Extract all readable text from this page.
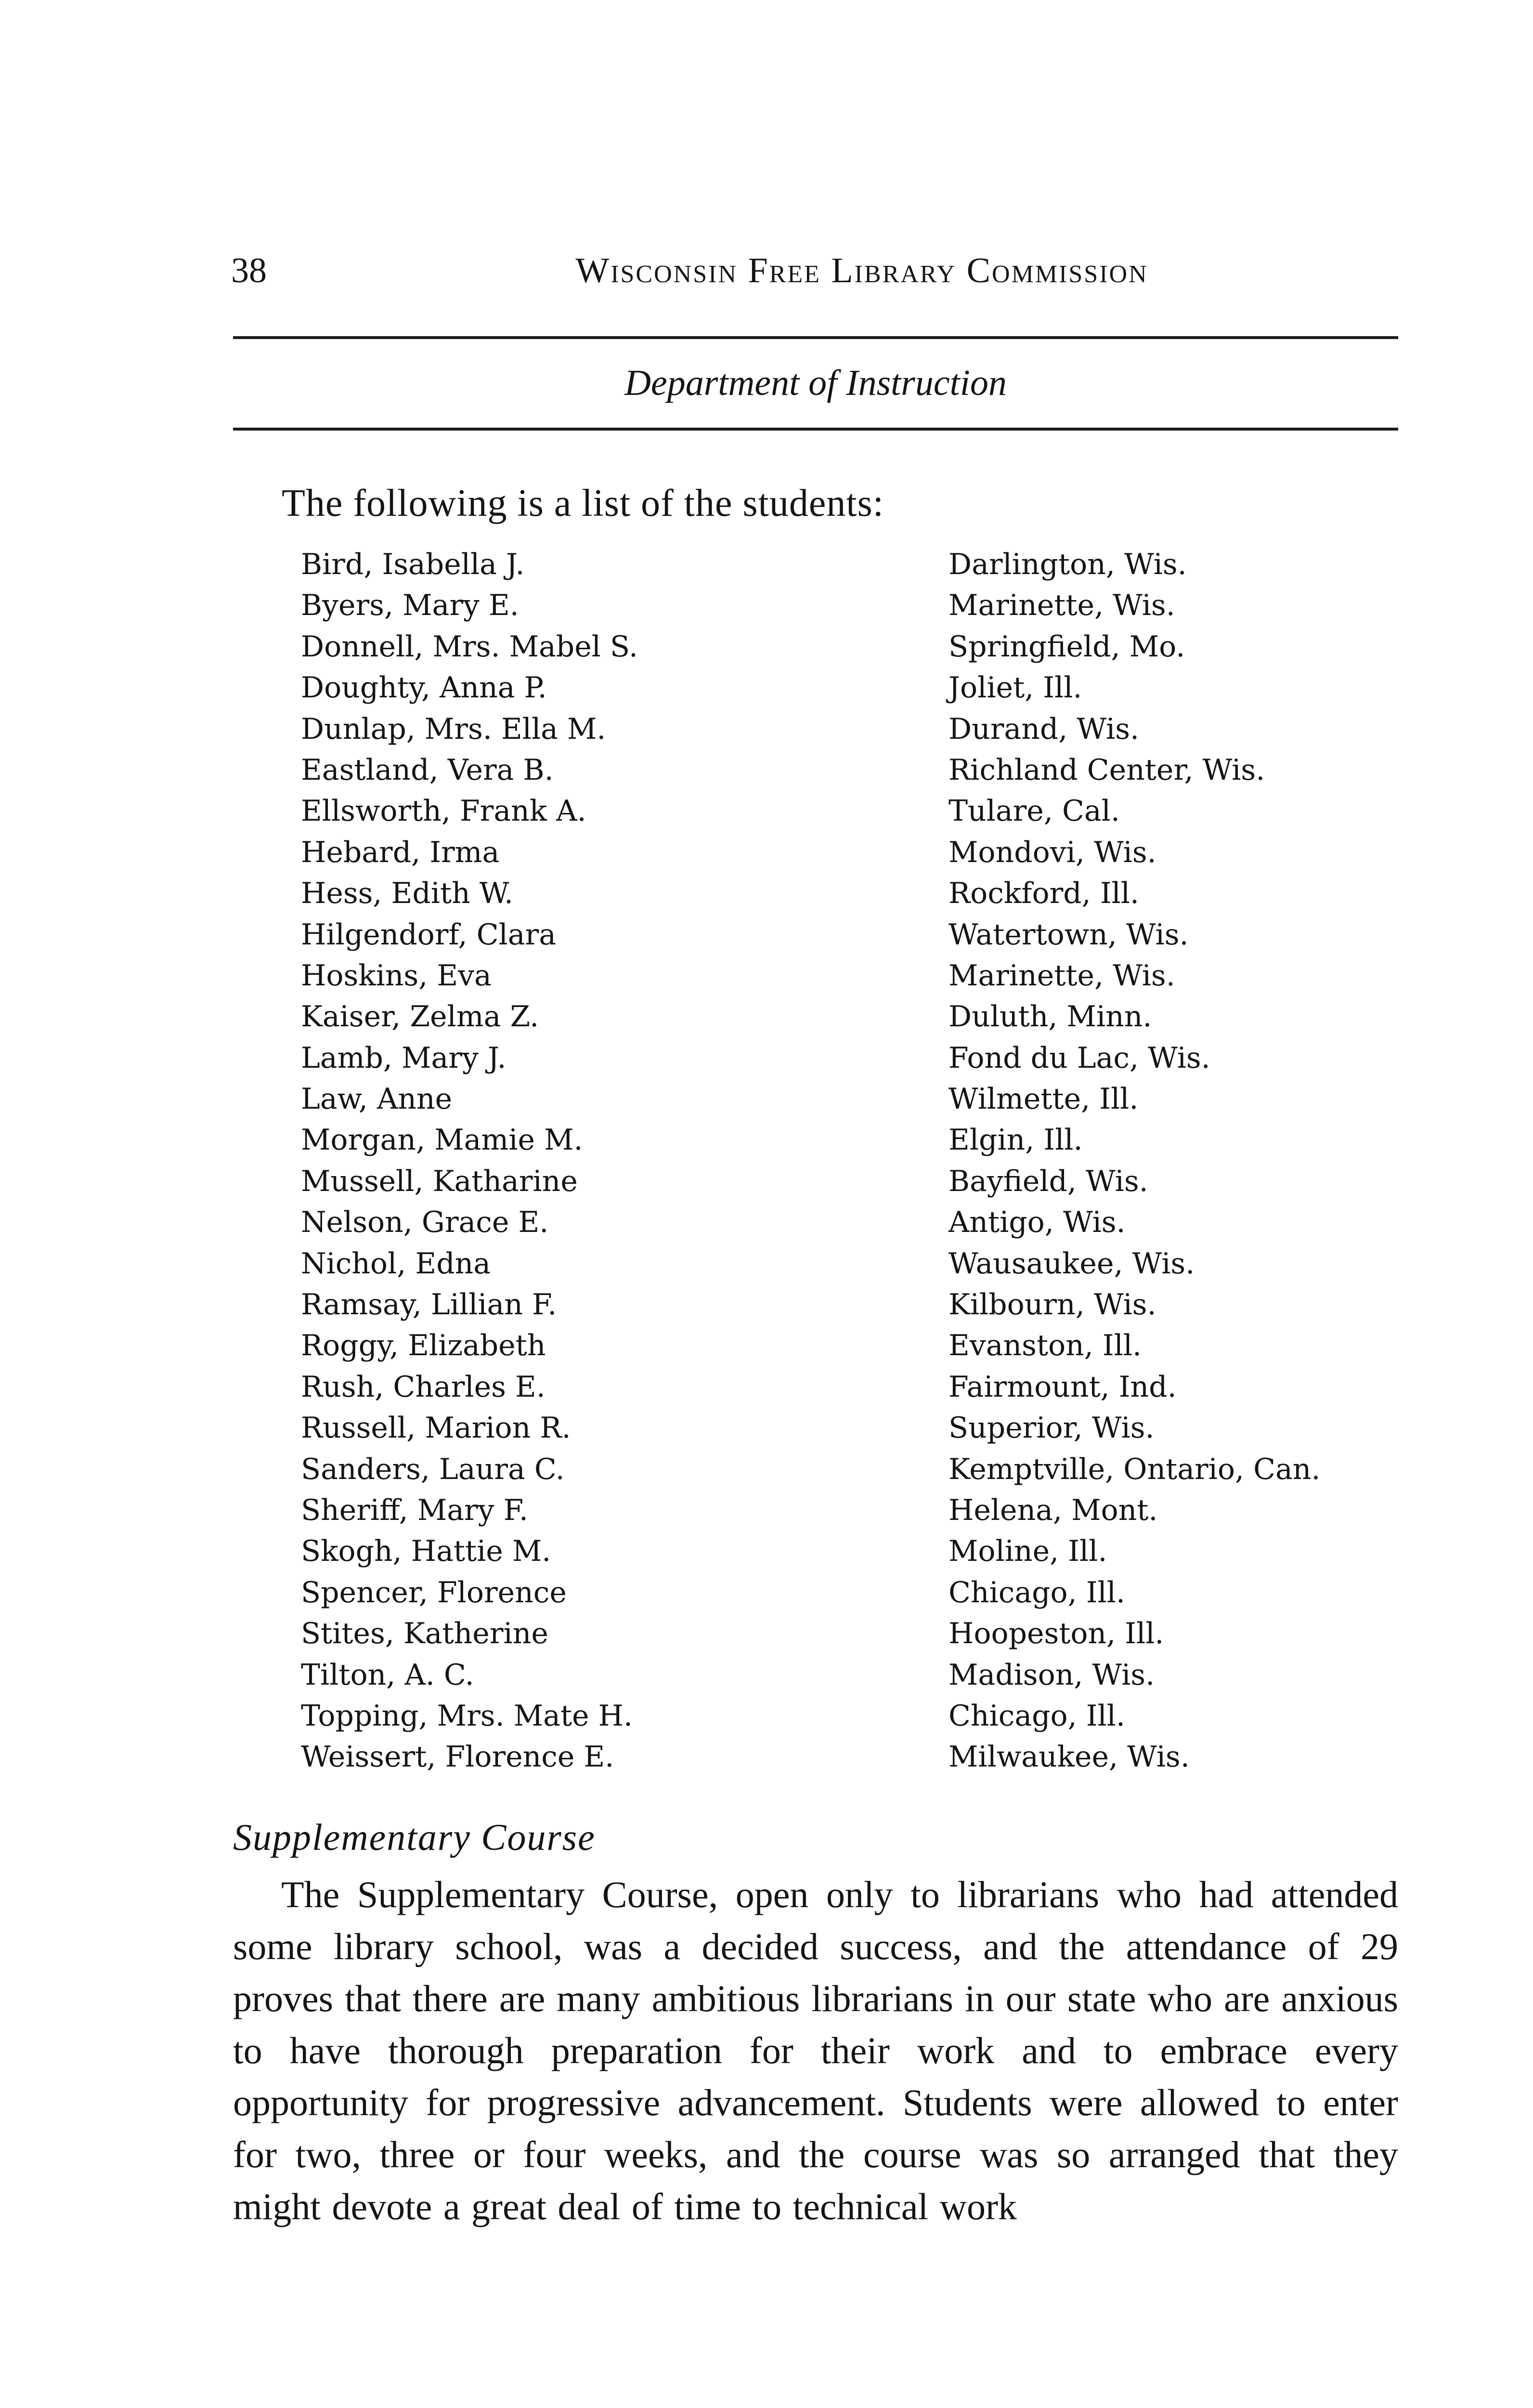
38	Wisconsin Free Library Commission
Department of Instruction
The following is a list of the students:
Bird, Isabella J.	Darlington, Wis.
Byers, Mary E.	Marinette, Wis.
Donnell, Mrs. Mabel S.	Springfield, Mo.
Doughty, Anna P.	Joliet, Ill.
Dunlap, Mrs. Ella M.	Durand, Wis.
Eastland, Vera B.	Richland Center, Wis.
Ellsworth, Frank A.	Tulare, Cal.
Hebard, Irma	Mondovi, Wis.
Hess, Edith W.	Rockford, Ill.
Hilgendorf, Clara	Watertown, Wis.
Hoskins, Eva	Marinette, Wis.
Kaiser, Zelma Z.	Duluth, Minn.
Lamb, Mary J.	Fond du Lac, Wis.
Law, Anne	Wilmette, Ill.
Morgan, Mamie M.	Elgin, Ill.
Mussell, Katharine	Bayfield, Wis.
Nelson, Grace E.	Antigo, Wis.
Nichol, Edna	Wausaukee, Wis.
Ramsay, Lillian F.	Kilbourn, Wis.
Roggy, Elizabeth	Evanston, Ill.
Rush, Charles E.	Fairmount, Ind.
Russell, Marion R.	Superior, Wis.
Sanders, Laura C.	Kemptville, Ontario, Can.
Sheriff, Mary F.	Helena, Mont.
Skogh, Hattie M.	Moline, Ill.
Spencer, Florence	Chicago, Ill.
Stites, Katherine	Hoopeston, Ill.
Tilton, A. C.	Madison, Wis.
Topping, Mrs. Mate H.	Chicago, Ill.
Weissert, Florence E.	Milwaukee, Wis.
Supplementary Course
The Supplementary Course, open only to librarians who had attended some library school, was a decided success, and the attendance of 29 proves that there are many ambitious librarians in our state who are anxious to have thorough preparation for their work and to embrace every opportunity for progressive advancement. Students were allowed to enter for two, three or four weeks, and the course was so arranged that they might devote a great deal of time to technical work
